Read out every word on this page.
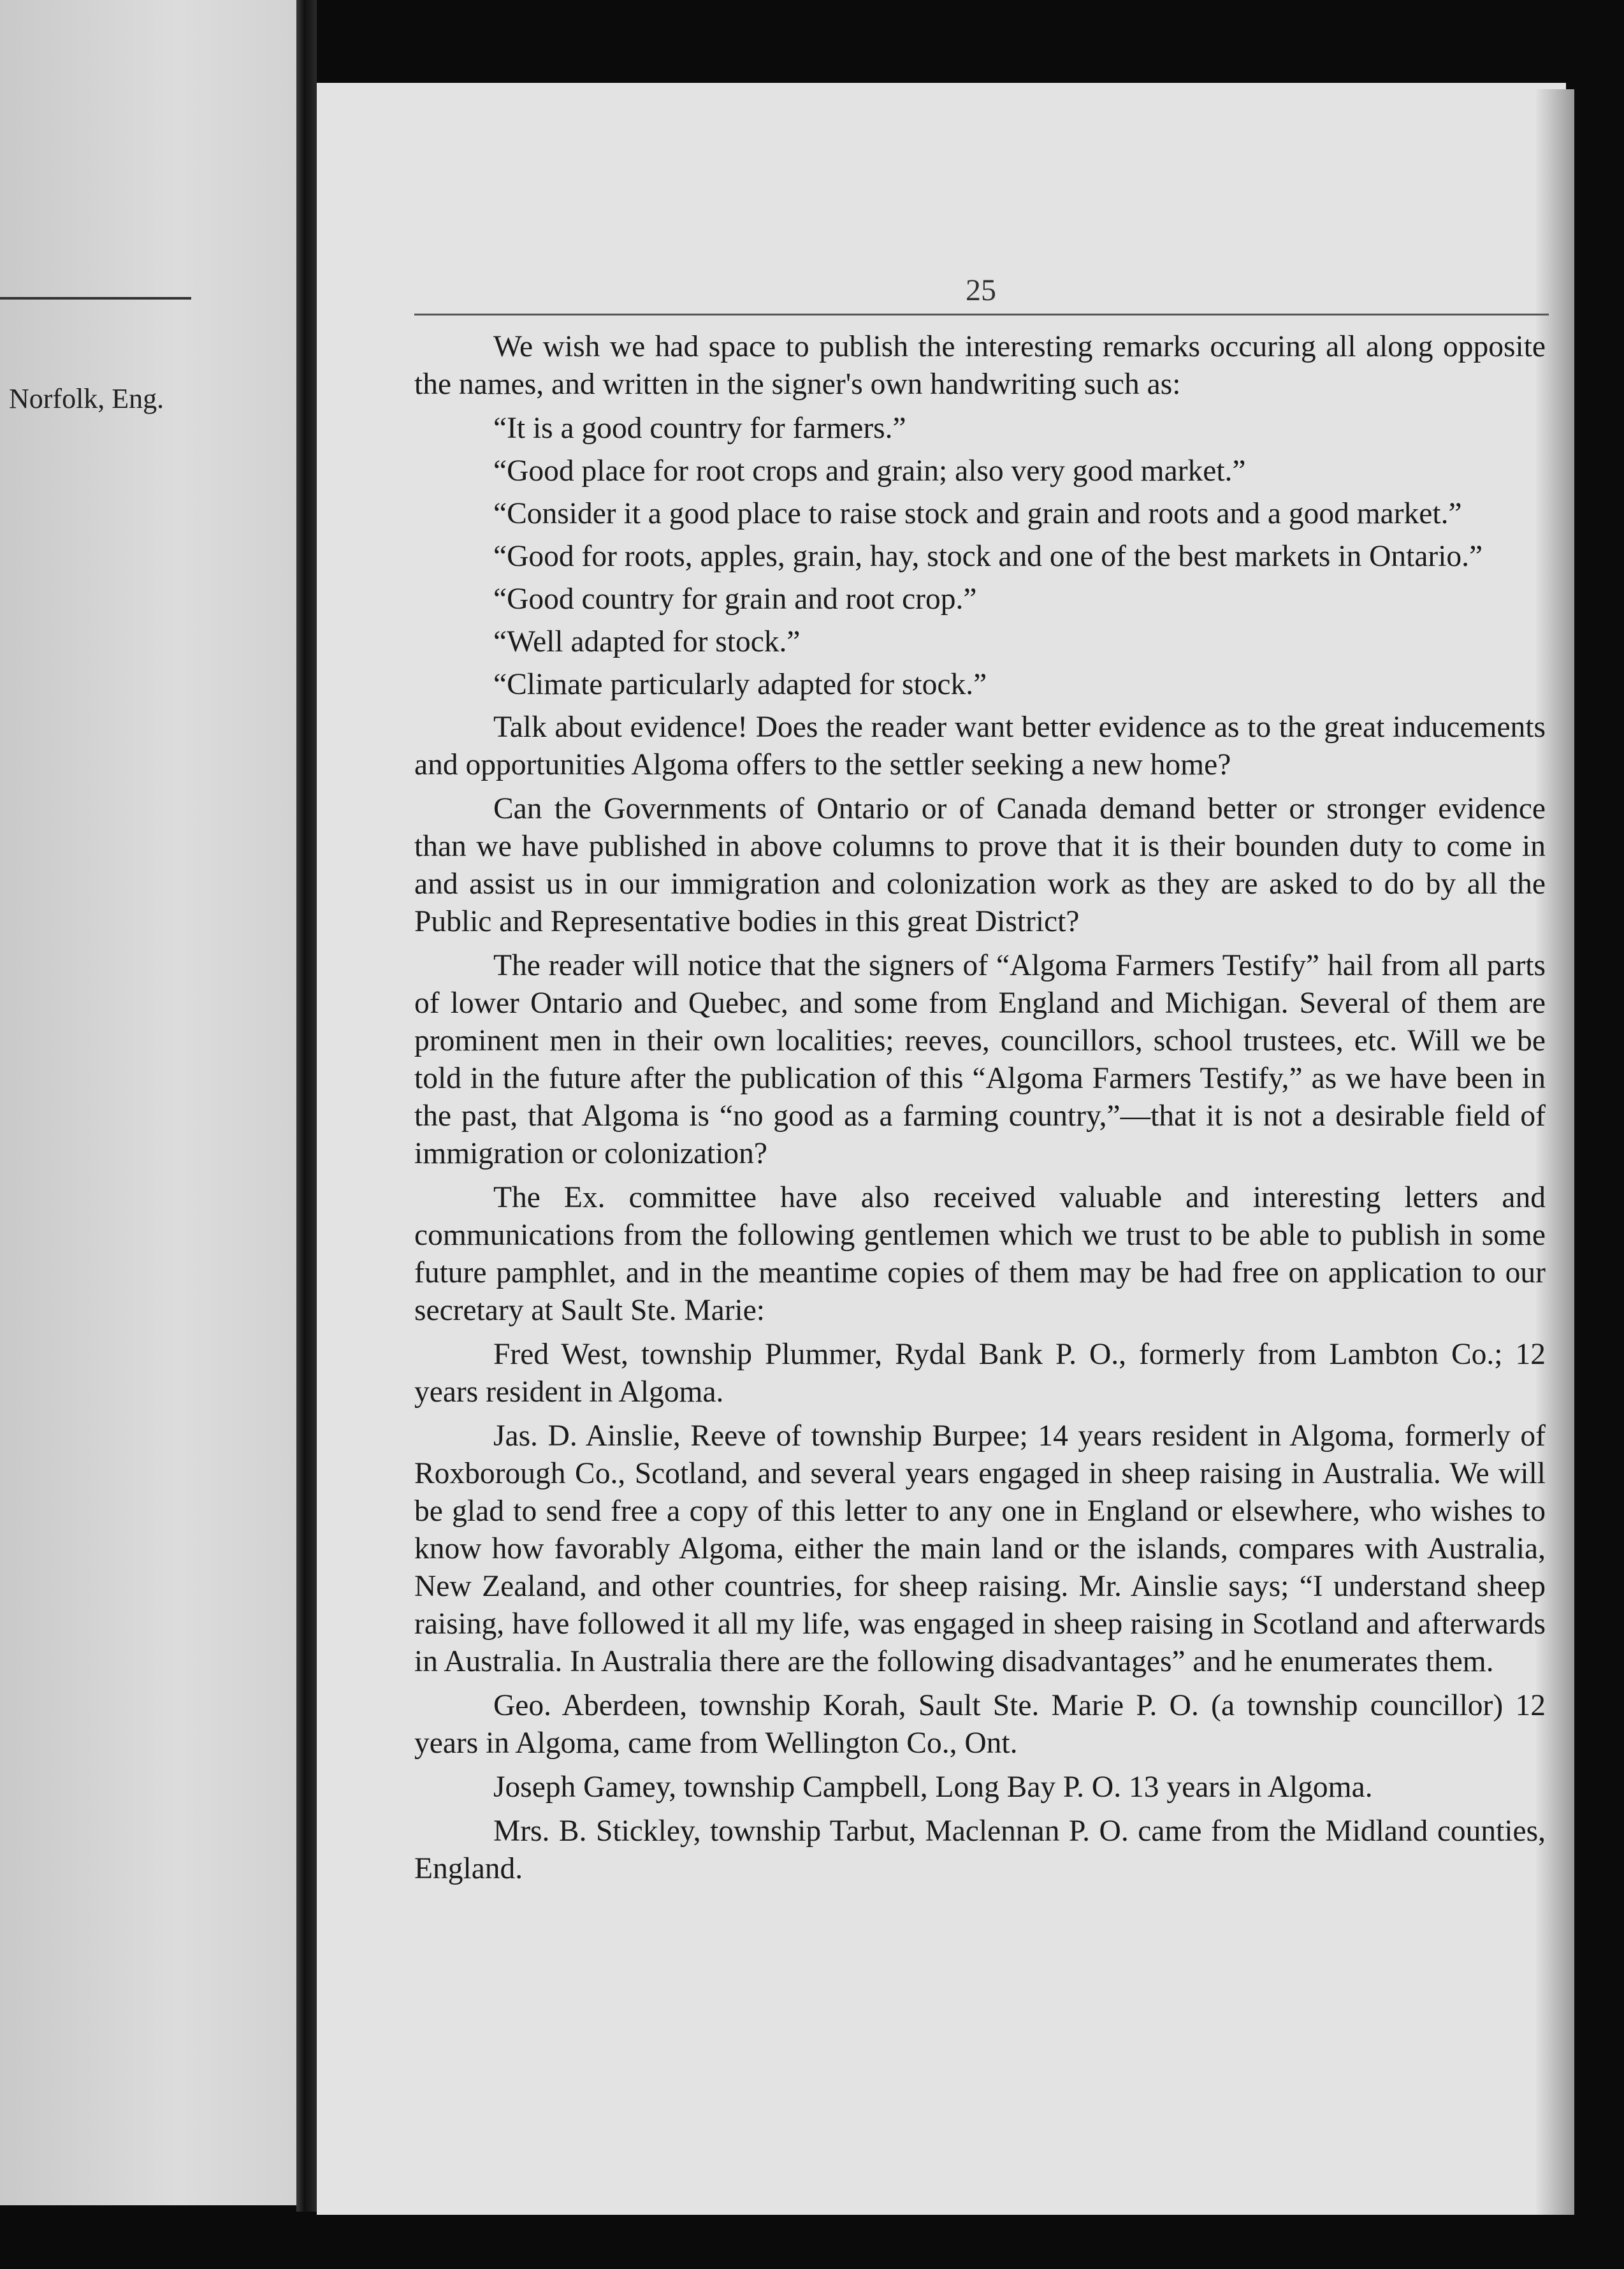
Norfolk, Eng.
25

We wish we had space to publish the interesting remarks occuring all along opposite the names, and written in the signer's own handwriting such as:

“It is a good country for farmers.”

“Good place for root crops and grain; also very good market.”

“Consider it a good place to raise stock and grain and roots and a good market.”

“Good for roots, apples, grain, hay, stock and one of the best markets in Ontario.”

“Good country for grain and root crop.”

“Well adapted for stock.”

“Climate particularly adapted for stock.”

Talk about evidence! Does the reader want better evidence as to the great inducements and opportunities Algoma offers to the settler seeking a new home?

Can the Governments of Ontario or of Canada demand better or stronger evidence than we have published in above columns to prove that it is their bounden duty to come in and assist us in our immigration and colonization work as they are asked to do by all the Public and Representative bodies in this great District?

The reader will notice that the signers of “Algoma Farmers Testify” hail from all parts of lower Ontario and Quebec, and some from England and Michigan. Several of them are prominent men in their own localities; reeves, councillors, school trustees, etc. Will we be told in the future after the publication of this “Algoma Farmers Testify,” as we have been in the past, that Algoma is “no good as a farming country,”—that it is not a desirable field of immigration or colonization?

The Ex. committee have also received valuable and interesting letters and communications from the following gentlemen which we trust to be able to publish in some future pamphlet, and in the meantime copies of them may be had free on application to our secretary at Sault Ste. Marie:

Fred West, township Plummer, Rydal Bank P. O., formerly from Lambton Co.; 12 years resident in Algoma.

Jas. D. Ainslie, Reeve of township Burpee; 14 years resident in Algoma, formerly of Roxborough Co., Scotland, and several years engaged in sheep raising in Australia. We will be glad to send free a copy of this letter to any one in England or elsewhere, who wishes to know how favorably Algoma, either the main land or the islands, compares with Australia, New Zealand, and other countries, for sheep raising. Mr. Ainslie says; “I understand sheep raising, have followed it all my life, was engaged in sheep raising in Scotland and afterwards in Australia. In Australia there are the following disadvantages” and he enumerates them.

Geo. Aberdeen, township Korah, Sault Ste. Marie P. O. (a township councillor) 12 years in Algoma, came from Wellington Co., Ont.

Joseph Gamey, township Campbell, Long Bay P. O. 13 years in Algoma.

Mrs. B. Stickley, township Tarbut, Maclennan P. O. came from the Midland counties, England.
